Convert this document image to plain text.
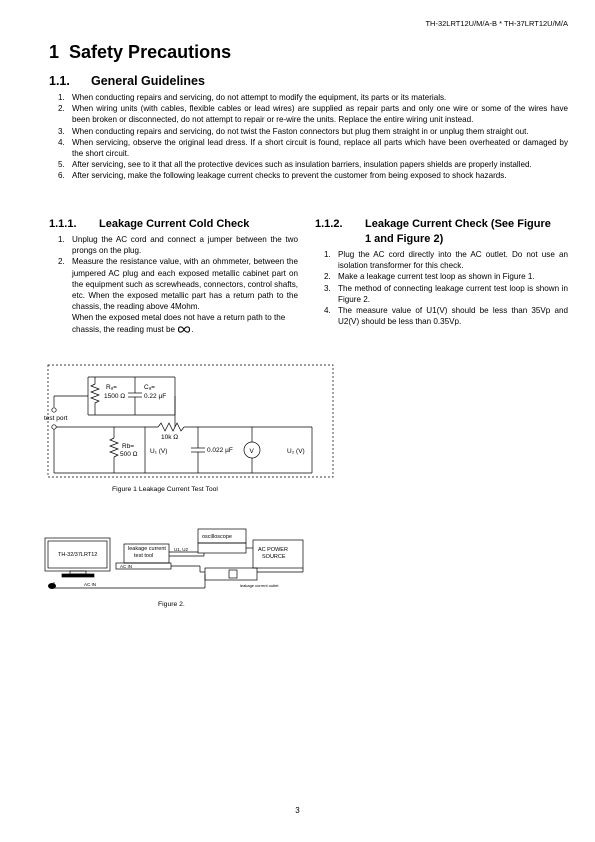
TH-32LRT12U/M/A-B * TH-37LRT12U/M/A
1 Safety Precautions
1.1. General Guidelines
1. When conducting repairs and servicing, do not attempt to modify the equipment, its parts or its materials.
2. When wiring units (with cables, flexible cables or lead wires) are supplied as repair parts and only one wire or some of the wires have been broken or disconnected, do not attempt to repair or re-wire the units. Replace the entire wiring unit instead.
3. When conducting repairs and servicing, do not twist the Faston connectors but plug them straight in or unplug them straight out.
4. When servicing, observe the original lead dress. If a short circuit is found, replace all parts which have been overheated or damaged by the short circuit.
5. After servicing, see to it that all the protective devices such as insulation barriers, insulation papers shields are properly installed.
6. After servicing, make the following leakage current checks to prevent the customer from being exposed to shock hazards.
1.1.1. Leakage Current Cold Check
1. Unplug the AC cord and connect a jumper between the two prongs on the plug.
2. Measure the resistance value, with an ohmmeter, between the jumpered AC plug and each exposed metallic cabinet part on the equipment such as screwheads, connectors, control shafts, etc. When the exposed metallic part has a return path to the chassis, the reading above 4Mohm.
When the exposed metal does not have a return path to the chassis, the reading must be .
1.1.2. Leakage Current Check (See Figure
1 and Figure 2)
1. Plug the AC cord directly into the AC outlet. Do not use an isolation transformer for this check.
2. Make a leakage current test loop as shown in Figure 1.
3. The method of connecting leakage current test loop is shown in Figure 2.
4. The measure value of U1(V) should be less than 35Vp and U2(V) should be less than 0.35Vp.
test port
Rₐ=
1500 Ω
Cₐ=
0.22 µF
10k Ω
Rb=
500 Ω U₁ (V)	0.022 µF	V	U₂ (V)
Figure 1 Leakage Current Test Tool
TH-32/37LRT12
leakage current
test tool
oscilloscope
U1, U2
AC IN
AC POWER
SOURCE
AC IN	leakage current outlet
Figure 2.
3
